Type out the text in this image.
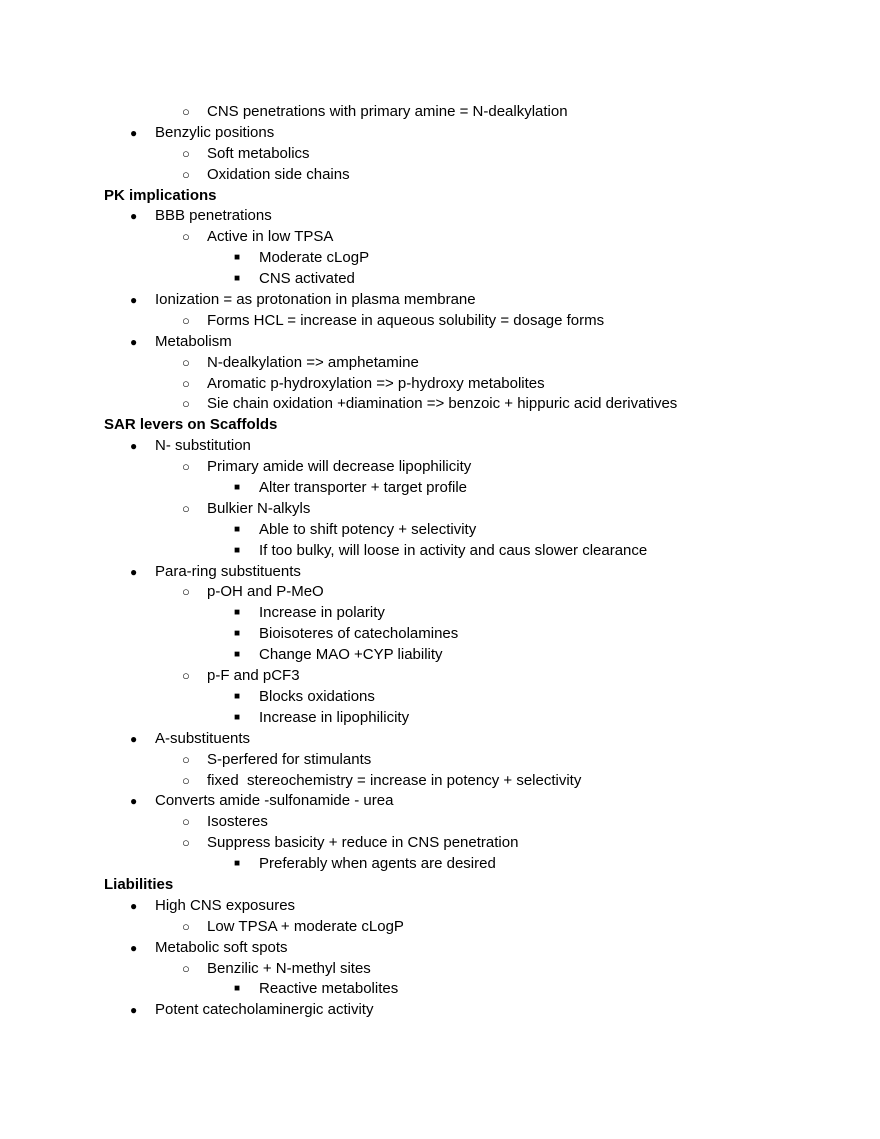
○ CNS penetrations with primary amine = N-dealkylation
● Benzylic positions
○ Soft metabolics
○ Oxidation side chains
PK implications
● BBB penetrations
○ Active in low TPSA
■ Moderate cLogP
■ CNS activated
● Ionization = as protonation in plasma membrane
○ Forms HCL = increase in aqueous solubility = dosage forms
● Metabolism
○ N-dealkylation => amphetamine
○ Aromatic p-hydroxylation => p-hydroxy metabolites
○ Sie chain oxidation +diamination => benzoic + hippuric acid derivatives
SAR levers on Scaffolds
● N- substitution
○ Primary amide will decrease lipophilicity
■ Alter transporter + target profile
○ Bulkier N-alkyls
■ Able to shift potency + selectivity
■ If too bulky, will loose in activity and caus slower clearance
● Para-ring substituents
○ p-OH and P-MeO
■ Increase in polarity
■ Bioisoteres of catecholamines
■ Change MAO +CYP liability
○ p-F and pCF3
■ Blocks oxidations
■ Increase in lipophilicity
● A-substituents
○ S-perfered for stimulants
○ fixed  stereochemistry = increase in potency + selectivity
● Converts amide -sulfonamide - urea
○ Isosteres
○ Suppress basicity + reduce in CNS penetration
■ Preferably when agents are desired
Liabilities
● High CNS exposures
○ Low TPSA + moderate cLogP
● Metabolic soft spots
○ Benzilic + N-methyl sites
■ Reactive metabolites
● Potent catecholaminergic activity
